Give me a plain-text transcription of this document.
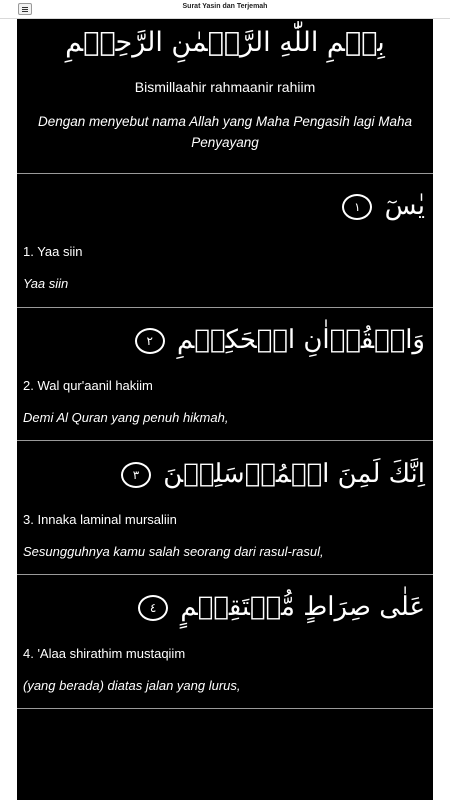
Surat Yasin dan Terjemah
بِسۡمِ اللّٰهِ الرَّحۡمٰنِ الرَّحِيۡمِ
Bismillaahir rahmaanir rahiim
Dengan menyebut nama Allah yang Maha Pengasih lagi Maha Penyayang
يٰسٓ ١
1. Yaa siin
Yaa siin
وَالۡقُرۡاٰنِ الۡحَكِيۡمِ ٢
2. Wal qur'aanil hakiim
Demi Al Quran yang penuh hikmah,
اِنَّكَ لَمِنَ الۡمُرۡسَلِيۡنَ ٣
3. Innaka laminal mursaliin
Sesungguhnya kamu salah seorang dari rasul-rasul,
عَلٰى صِرَاطٍ مُّسۡتَقِيۡمٍ ٤
4. 'Alaa shirathim mustaqiim
(yang berada) diatas jalan yang lurus,
